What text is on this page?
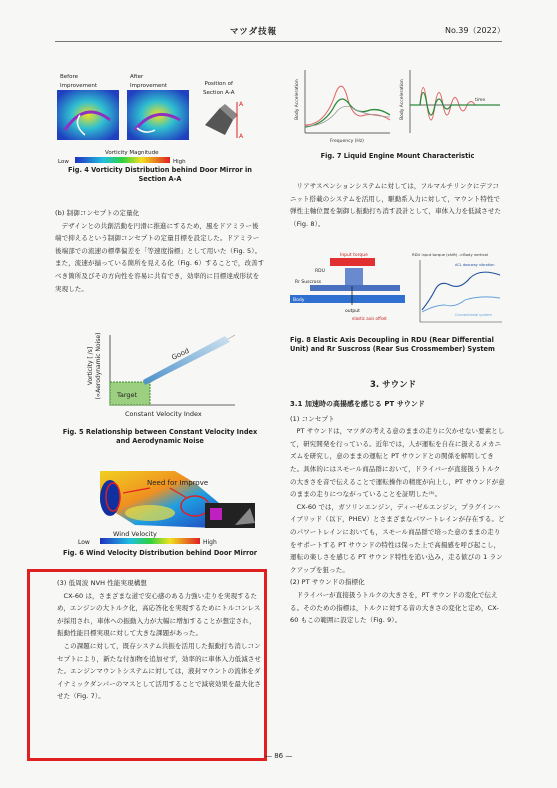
マツダ技報	No.39（2022）
Before
Improvement
After
Improvement	Position of
Section A-A
A
A
Vorticity Magnitude
Low	High
Fig. 4 Vorticity Distribution behind Door Mirror in Section A-A

(b) 制御コンセプトの定量化

デザインとの共創活動を円滑に推進にするため，風をドアミラー後端で抑えるという制御コンセプトの定量目標を設定した。ドアミラー後端部での流速の標準偏差を「等速度指標」として用いた（Fig. 5）。また，流速が揃っている箇所を見える化（Fig. 6）することで，改善すべき箇所及びその方向性を容易に共有でき，効率的に目標達成形状を実現した。

Good
Target
Constant Velocity Index
Vorticity [ /s]
(∝Aerodynamic Noise)
Fig. 5 Relationship between Constant Velocity Index and Aerodynamic Noise
Need for Improve
Wind Velocity
Low	High
Fig. 6 Wind Velocity Distribution behind Door Mirror

(3) 低周波 NVH 性能実現構想

CX-60 は，さまざまな道で安心感のある力強い走りを実現するため，エンジンの大トルク化，高応答化を実現するためにトルコンレスが採用され，車体への振動入力が大幅に増加することが想定され，振動性能目標実現に対して大きな課題があった。

この課題に対して，既存システム共振を活用した振動打ち消しコンセプトにより，新たな付加物を追加せず，効率的に車体入力低減させた。エンジンマウントシステムに対しては，液封マウントの流体をダイナミックダンパーのマスとして活用することで減衰効果を最大化させた（Fig. 7）。

Frequency (Hz)
Body Acceleration	time
Body Acceleration
Fig. 7 Liquid Engine Mount Characteristic

リアサスペンションシステムに対しては，フルマルチリンクにデフコニット搭載のシステムを活用し，駆動系入力に対して，マウント特性で弾性主軸位置を制御し振動打ち消す設計として，車体入力を低減させた（Fig. 8）。

Input torque
RDU
Rr Suscross
Body
output
elastic axis offset
RDU input torque (shift) ->Body vertical
ACL doorway vibration
Conventional system
Fig. 8 Elastic Axis Decoupling in RDU (Rear Differential Unit) and Rr Suscross (Rear Sus Crossmember) System
3. サウンド

3.1 加速時の高揚感を感じる PT サウンド

(1) コンセプト

PT サウンドは，マツダの考える意のままの走りに欠かせない要素として，研究開発を行っている。近年では，人が運転を自在に扱えるメカニズムを研究し，意のままの運転と PT サウンドとの関係を解明してきた。具体的にはスモール商品群において，ドライバーが直接扱うトルクの大きさを音で伝えることで運転操作の精度が向上し，PT サウンドが意のままの走りにつながっていることを証明した⁽³⁾。

CX-60 では，ガソリンエンジン，ディーゼルエンジン，プラグインハイブリッド（以下，PHEV）とさまざまなパワートレインが存在する。どのパワートレインにおいても，スモール商品群で培った意のままの走りをサポートする PT サウンドの特性は保った上で高揚感を呼び起こし，運転の楽しさを感じる PT サウンド特性を追い込み，走る歓びの 1 ランクアップを狙った。

(2) PT サウンドの指標化

ドライバーが直接扱うトルクの大きさを，PT サウンドの変化で伝える。そのための指標は，トルクに対する音の大きさの変化と定め，CX-60 もこの範囲に設定した（Fig. 9）。

— 86 —
